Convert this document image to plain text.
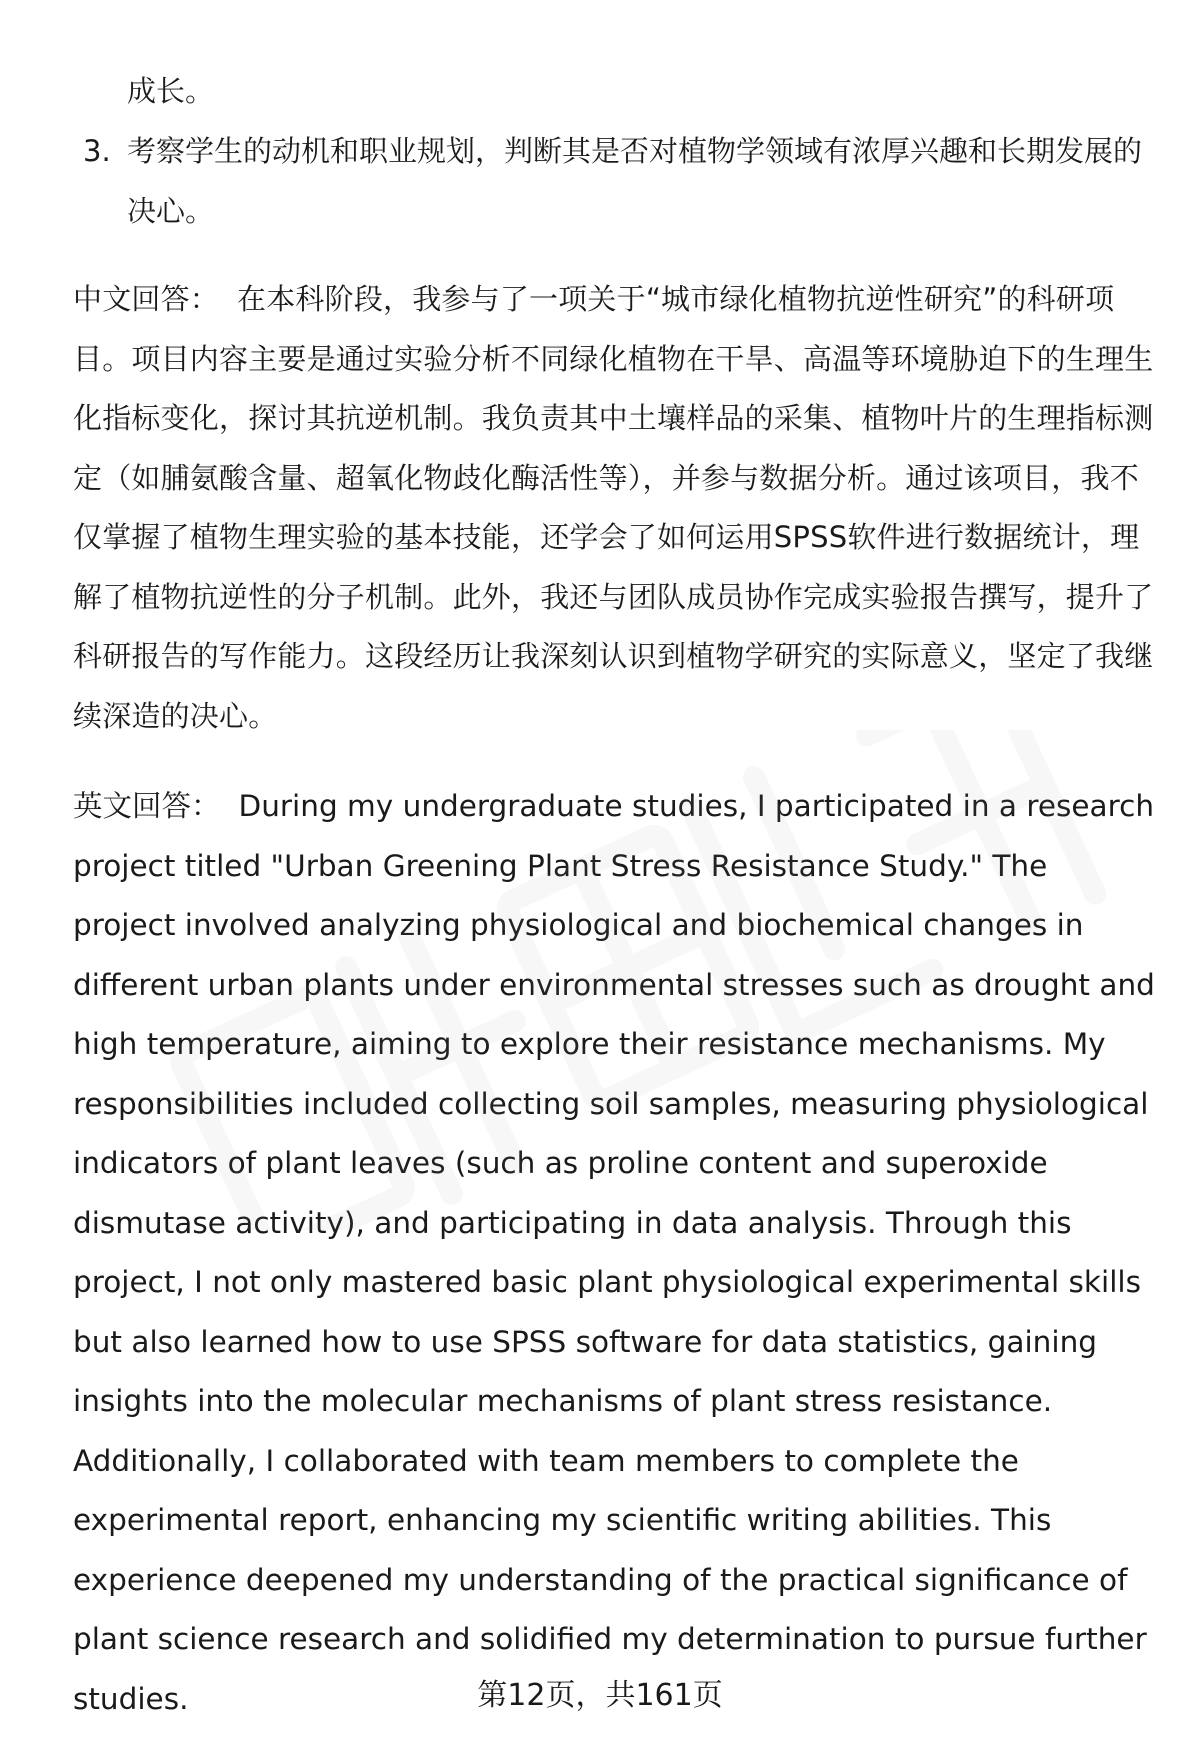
成长。
3. 考察学生的动机和职业规划，判断其是否对植物学领域有浓厚兴趣和长期发展的决心。
中文回答： 在本科阶段，我参与了一项关于“城市绿化植物抗逆性研究”的科研项目。项目内容主要是通过实验分析不同绿化植物在干旱、高温等环境胁迫下的生理生化指标变化，探讨其抗逆机制。我负责其中土壤样品的采集、植物叶片的生理指标测定（如脯氨酸含量、超氧化物歧化酶活性等），并参与数据分析。通过该项目，我不仅掌握了植物生理实验的基本技能，还学会了如何运用SPSS软件进行数据统计，理解了植物抗逆性的分子机制。此外，我还与团队成员协作完成实验报告撰写，提升了科研报告的写作能力。这段经历让我深刻认识到植物学研究的实际意义，坚定了我继续深造的决心。
英文回答： During my undergraduate studies, I participated in a research project titled "Urban Greening Plant Stress Resistance Study." The project involved analyzing physiological and biochemical changes in different urban plants under environmental stresses such as drought and high temperature, aiming to explore their resistance mechanisms. My responsibilities included collecting soil samples, measuring physiological indicators of plant leaves (such as proline content and superoxide dismutase activity), and participating in data analysis. Through this project, I not only mastered basic plant physiological experimental skills but also learned how to use SPSS software for data statistics, gaining insights into the molecular mechanisms of plant stress resistance. Additionally, I collaborated with team members to complete the experimental report, enhancing my scientific writing abilities. This experience deepened my understanding of the practical significance of plant science research and solidified my determination to pursue further studies.	第12页，共161页
